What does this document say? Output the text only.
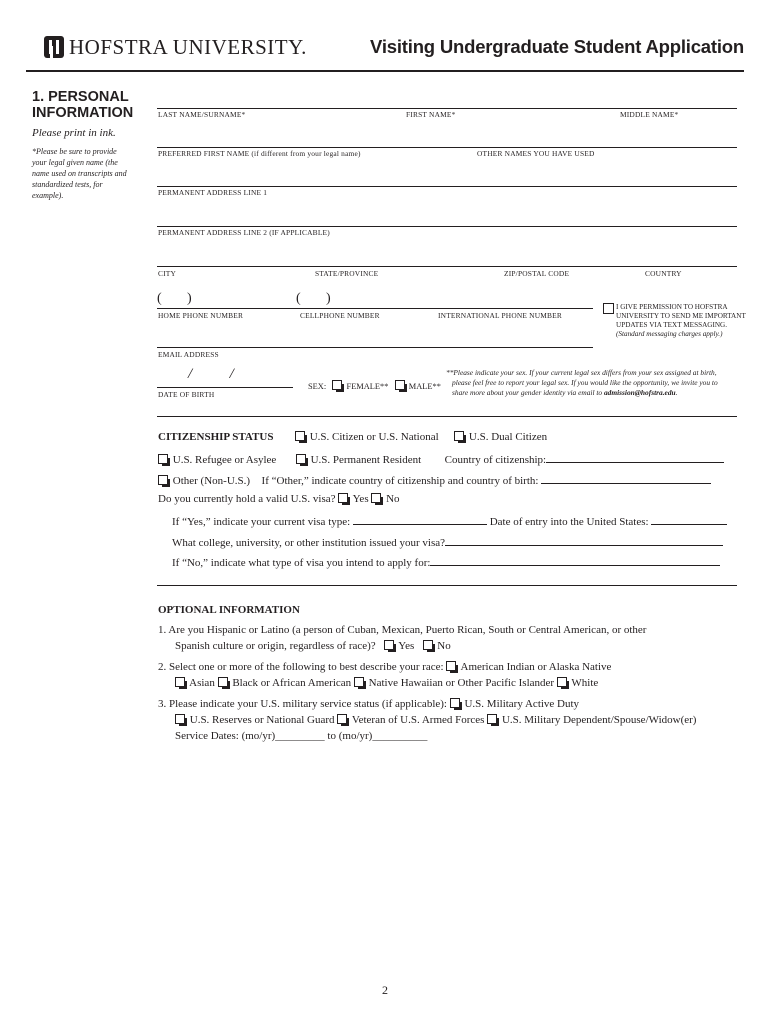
HOFSTRA UNIVERSITY.	Visiting Undergraduate Student Application
1. PERSONAL
INFORMATION
Please print in ink.
*Please be sure to provide your legal given name (the name used on transcripts and standardized tests, for example).
LAST NAME/SURNAME*	FIRST NAME*	MIDDLE NAME*
PREFERRED FIRST NAME (if different from your legal name)	OTHER NAMES YOU HAVE USED
PERMANENT ADDRESS LINE 1
PERMANENT ADDRESS LINE 2 (IF APPLICABLE)
CITY	STATE/PROVINCE	ZIP/POSTAL CODE	COUNTRY
( )	( )
HOME PHONE NUMBER	CELLPHONE NUMBER	INTERNATIONAL PHONE NUMBER
I GIVE PERMISSION TO HOFSTRA UNIVERSITY TO SEND ME IMPORTANT UPDATES VIA TEXT MESSAGING. (Standard messaging charges apply.)
EMAIL ADDRESS
/          /
DATE OF BIRTH
SEX: FEMALE** MALE**
**Please indicate your sex. If your current legal sex differs from your sex assigned at birth,
please feel free to report your legal sex. If you would like the opportunity, we invite you to
share more about your gender identity via email to admission@hofstra.edu.
CITIZENSHIP STATUS	U.S. Citizen or U.S. National	U.S. Dual Citizen
U.S. Refugee or Asylee	U.S. Permanent Resident Country of citizenship:
Other (Non-U.S.) If “Other,” indicate country of citizenship and country of birth:
Do you currently hold a valid U.S. visa? Yes No
If “Yes,” indicate your current visa type:	Date of entry into the United States:
What college, university, or other institution issued your visa?
If “No,” indicate what type of visa you intend to apply for:
OPTIONAL INFORMATION
1. Are you Hispanic or Latino (a person of Cuban, Mexican, Puerto Rican, South or Central American, or other
Spanish culture or origin, regardless of race)? Yes No
2. Select one or more of the following to best describe your race: American Indian or Alaska Native
Asian Black or African American Native Hawaiian or Other Pacific Islander White
3. Please indicate your U.S. military service status (if applicable): U.S. Military Active Duty
U.S. Reserves or National Guard Veteran of U.S. Armed Forces U.S. Military Dependent/Spouse/Widow(er)
Service Dates: (mo/yr)_________ to (mo/yr)__________
2
